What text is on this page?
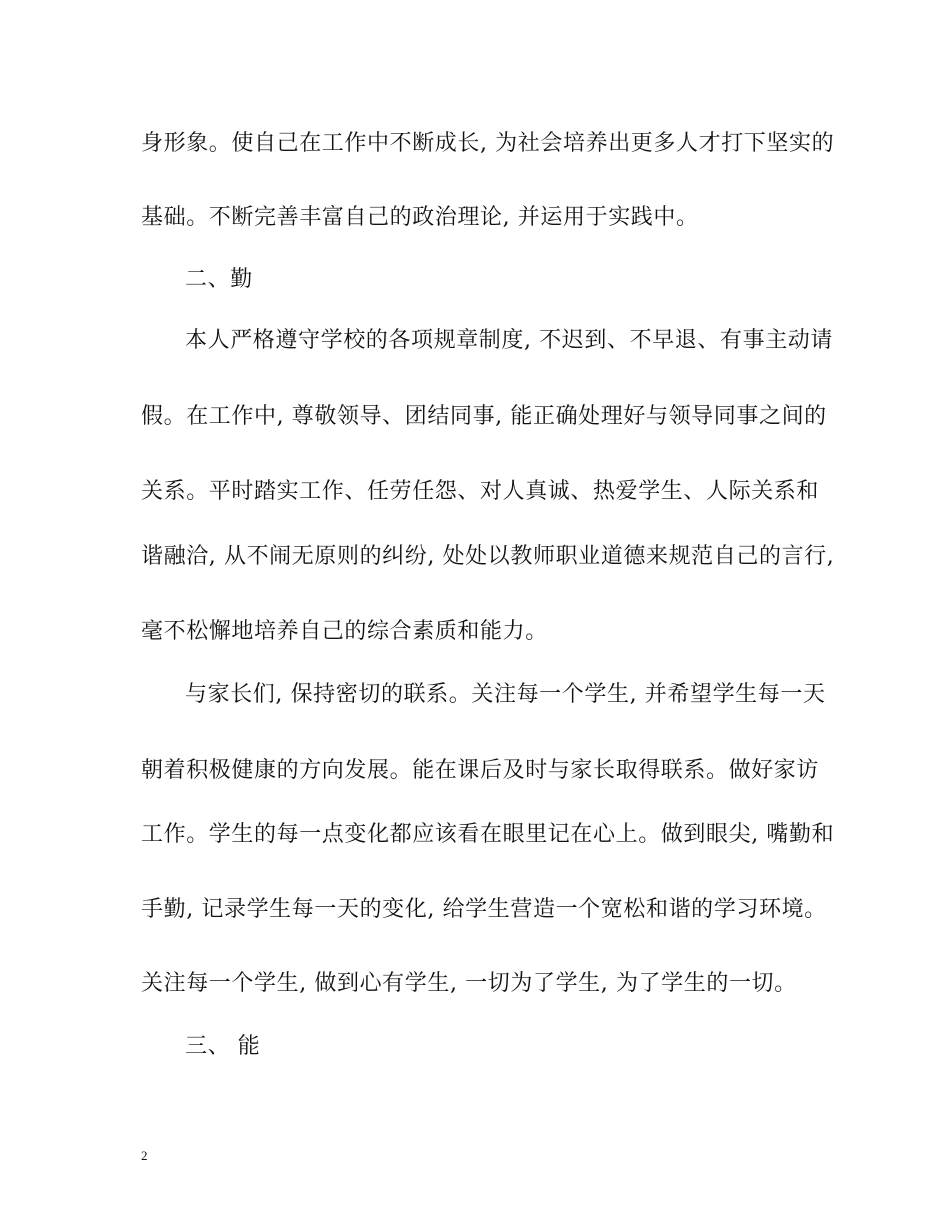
身形象。使自己在工作中不断成长, 为社会培养出更多人才打下坚实的
基础。不断完善丰富自己的政治理论, 并运用于实践中。
二、勤
本人严格遵守学校的各项规章制度, 不迟到、不早退、有事主动请
假。在工作中, 尊敬领导、团结同事, 能正确处理好与领导同事之间的
关系。平时踏实工作、任劳任怨、对人真诚、热爱学生、人际关系和
谐融洽, 从不闹无原则的纠纷, 处处以教师职业道德来规范自己的言行,
毫不松懈地培养自己的综合素质和能力。
与家长们, 保持密切的联系。关注每一个学生, 并希望学生每一天
朝着积极健康的方向发展。能在课后及时与家长取得联系。做好家访
工作。学生的每一点变化都应该看在眼里记在心上。做到眼尖, 嘴勤和
手勤, 记录学生每一天的变化, 给学生营造一个宽松和谐的学习环境。
关注每一个学生, 做到心有学生, 一切为了学生, 为了学生的一切。
三、 能
2
